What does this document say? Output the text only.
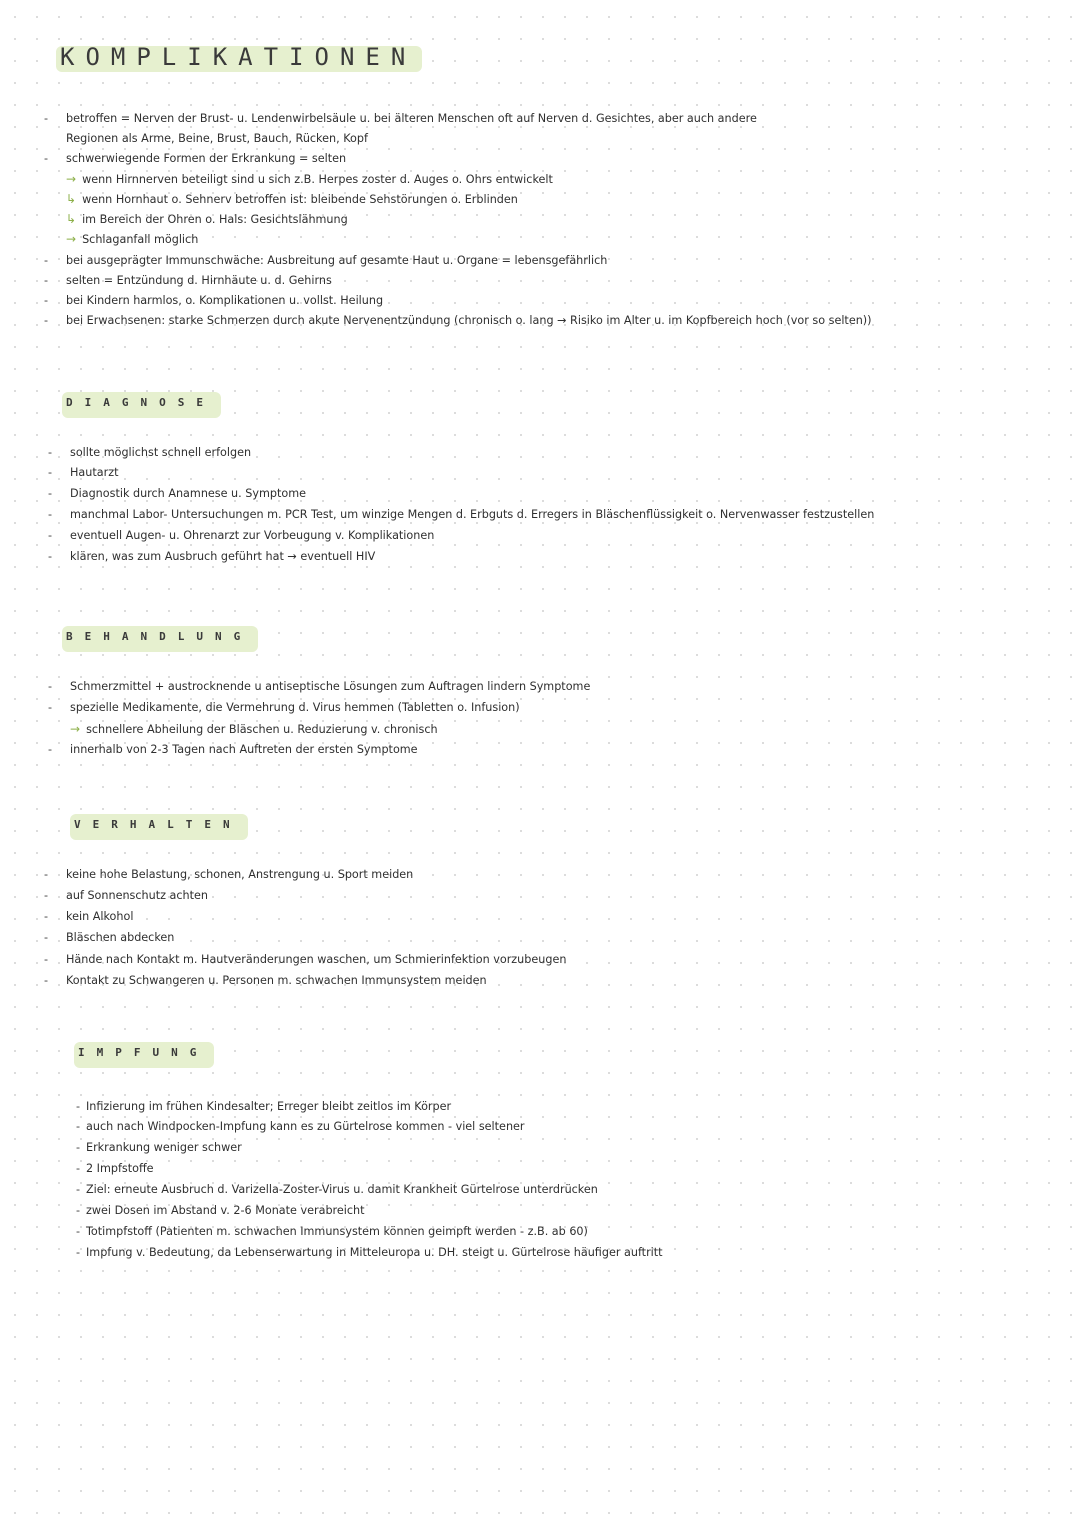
KOMPLIKATIONEN
- betroffen = Nerven der Brust- u. Lendenwirbelsäule u. bei älteren Menschen oft auf Nerven d. Gesichtes, aber auch andere
Regionen als Arme, Beine, Brust, Bauch, Rücken, Kopf
- schwerwiegende Formen der Erkrankung = selten
→ wenn Hirnnerven beteiligt sind u sich z.B. Herpes zoster d. Auges o. Ohrs entwickelt
↳ wenn Hornhaut o. Sehnerv betroffen ist: bleibende Sehstörungen o. Erblinden
↳ im Bereich der Ohren o. Hals: Gesichtslähmung
→ Schlaganfall möglich
- bei ausgeprägter Immunschwäche: Ausbreitung auf gesamte Haut u. Organe = lebensgefährlich
- selten = Entzündung d. Hirnhäute u. d. Gehirns
- bei Kindern harmlos, o. Komplikationen u. vollst. Heilung
- bei Erwachsenen: starke Schmerzen durch akute Nervenentzündung (chronisch o. lang → Risiko im Alter u. im Kopfbereich hoch (vor so selten))
DIAGNOSE
- sollte möglichst schnell erfolgen
- Hautarzt
- Diagnostik durch Anamnese u. Symptome
- manchmal Labor- Untersuchungen m. PCR Test, um winzige Mengen d. Erbguts d. Erregers in Bläschenflüssigkeit o. Nervenwasser festzustellen
- eventuell Augen- u. Ohrenarzt zur Vorbeugung v. Komplikationen
- klären, was zum Ausbruch geführt hat → eventuell HIV
BEHANDLUNG
- Schmerzmittel + austrocknende u antiseptische Lösungen zum Auftragen lindern Symptome
- spezielle Medikamente, die Vermehrung d. Virus hemmen (Tabletten o. Infusion)
→ schnellere Abheilung der Bläschen u. Reduzierung v. chronisch
- innerhalb von 2-3 Tagen nach Auftreten der ersten Symptome
VERHALTEN
- keine hohe Belastung, schonen, Anstrengung u. Sport meiden
- auf Sonnenschutz achten
- kein Alkohol
- Bläschen abdecken
- Hände nach Kontakt m. Hautveränderungen waschen, um Schmierinfektion vorzubeugen
- Kontakt zu Schwangeren u. Personen m. schwachen Immunsystem meiden
IMPFUNG
- Infizierung im frühen Kindesalter; Erreger bleibt zeitlos im Körper
- auch nach Windpocken-Impfung kann es zu Gürtelrose kommen - viel seltener
- Erkrankung weniger schwer
- 2 Impfstoffe
- Ziel: erneute Ausbruch d. Varizella-Zoster-Virus u. damit Krankheit Gürtelrose unterdrücken
- zwei Dosen im Abstand v. 2-6 Monate verabreicht
- Totimpfstoff (Patienten m. schwachen Immunsystem können geimpft werden - z.B. ab 60)
- Impfung v. Bedeutung, da Lebenserwartung in Mitteleuropa u. DH. steigt u. Gürtelrose häufiger auftritt
